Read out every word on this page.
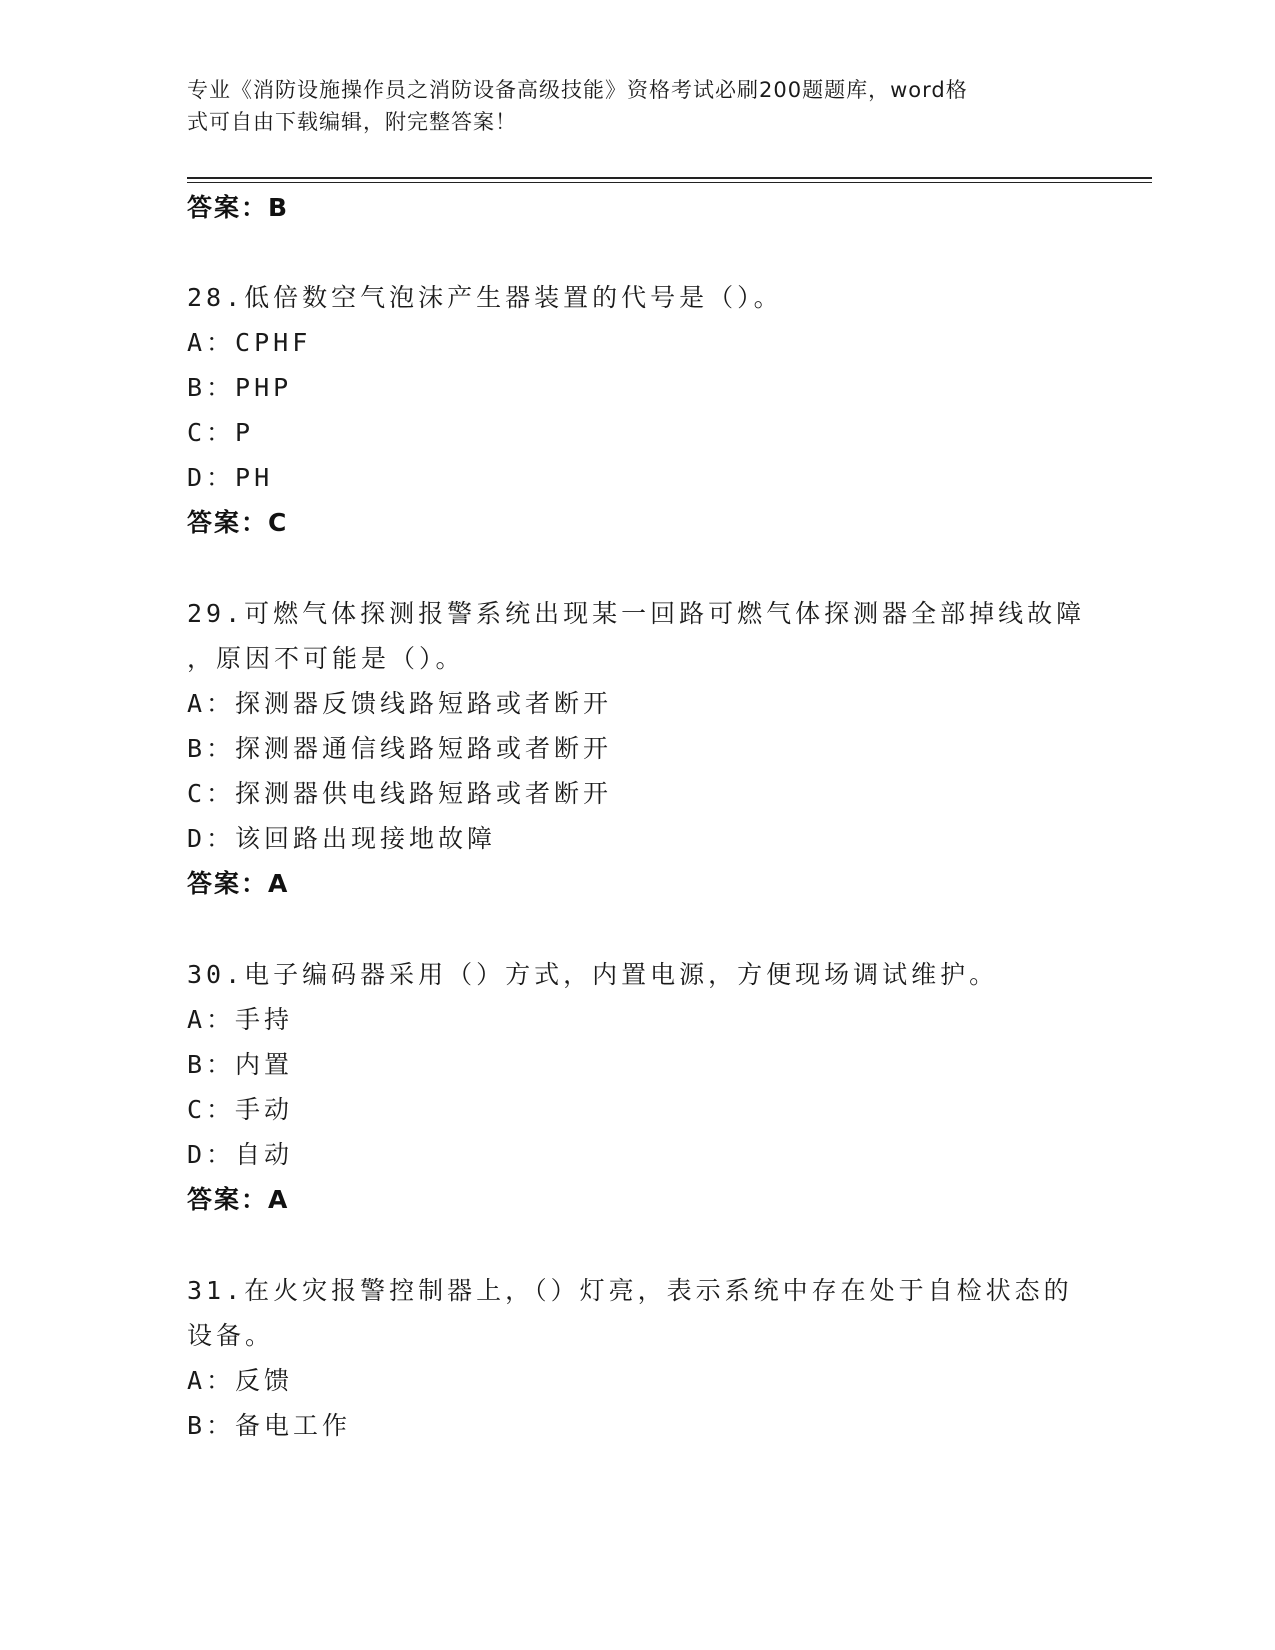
专业《消防设施操作员之消防设备高级技能》资格考试必刷200题题库，word格
式可自由下载编辑，附完整答案！
答案：B
28.低倍数空气泡沫产生器装置的代号是（）。
A：CPHF
B：PHP
C：P
D：PH
答案：C
29.可燃气体探测报警系统出现某一回路可燃气体探测器全部掉线故障
，原因不可能是（）。
A：探测器反馈线路短路或者断开
B：探测器通信线路短路或者断开
C：探测器供电线路短路或者断开
D：该回路出现接地故障
答案：A
30.电子编码器采用（）方式，内置电源，方便现场调试维护。
A：手持
B：内置
C：手动
D：自动
答案：A
31.在火灾报警控制器上，（）灯亮，表示系统中存在处于自检状态的
设备。
A：反馈
B：备电工作
